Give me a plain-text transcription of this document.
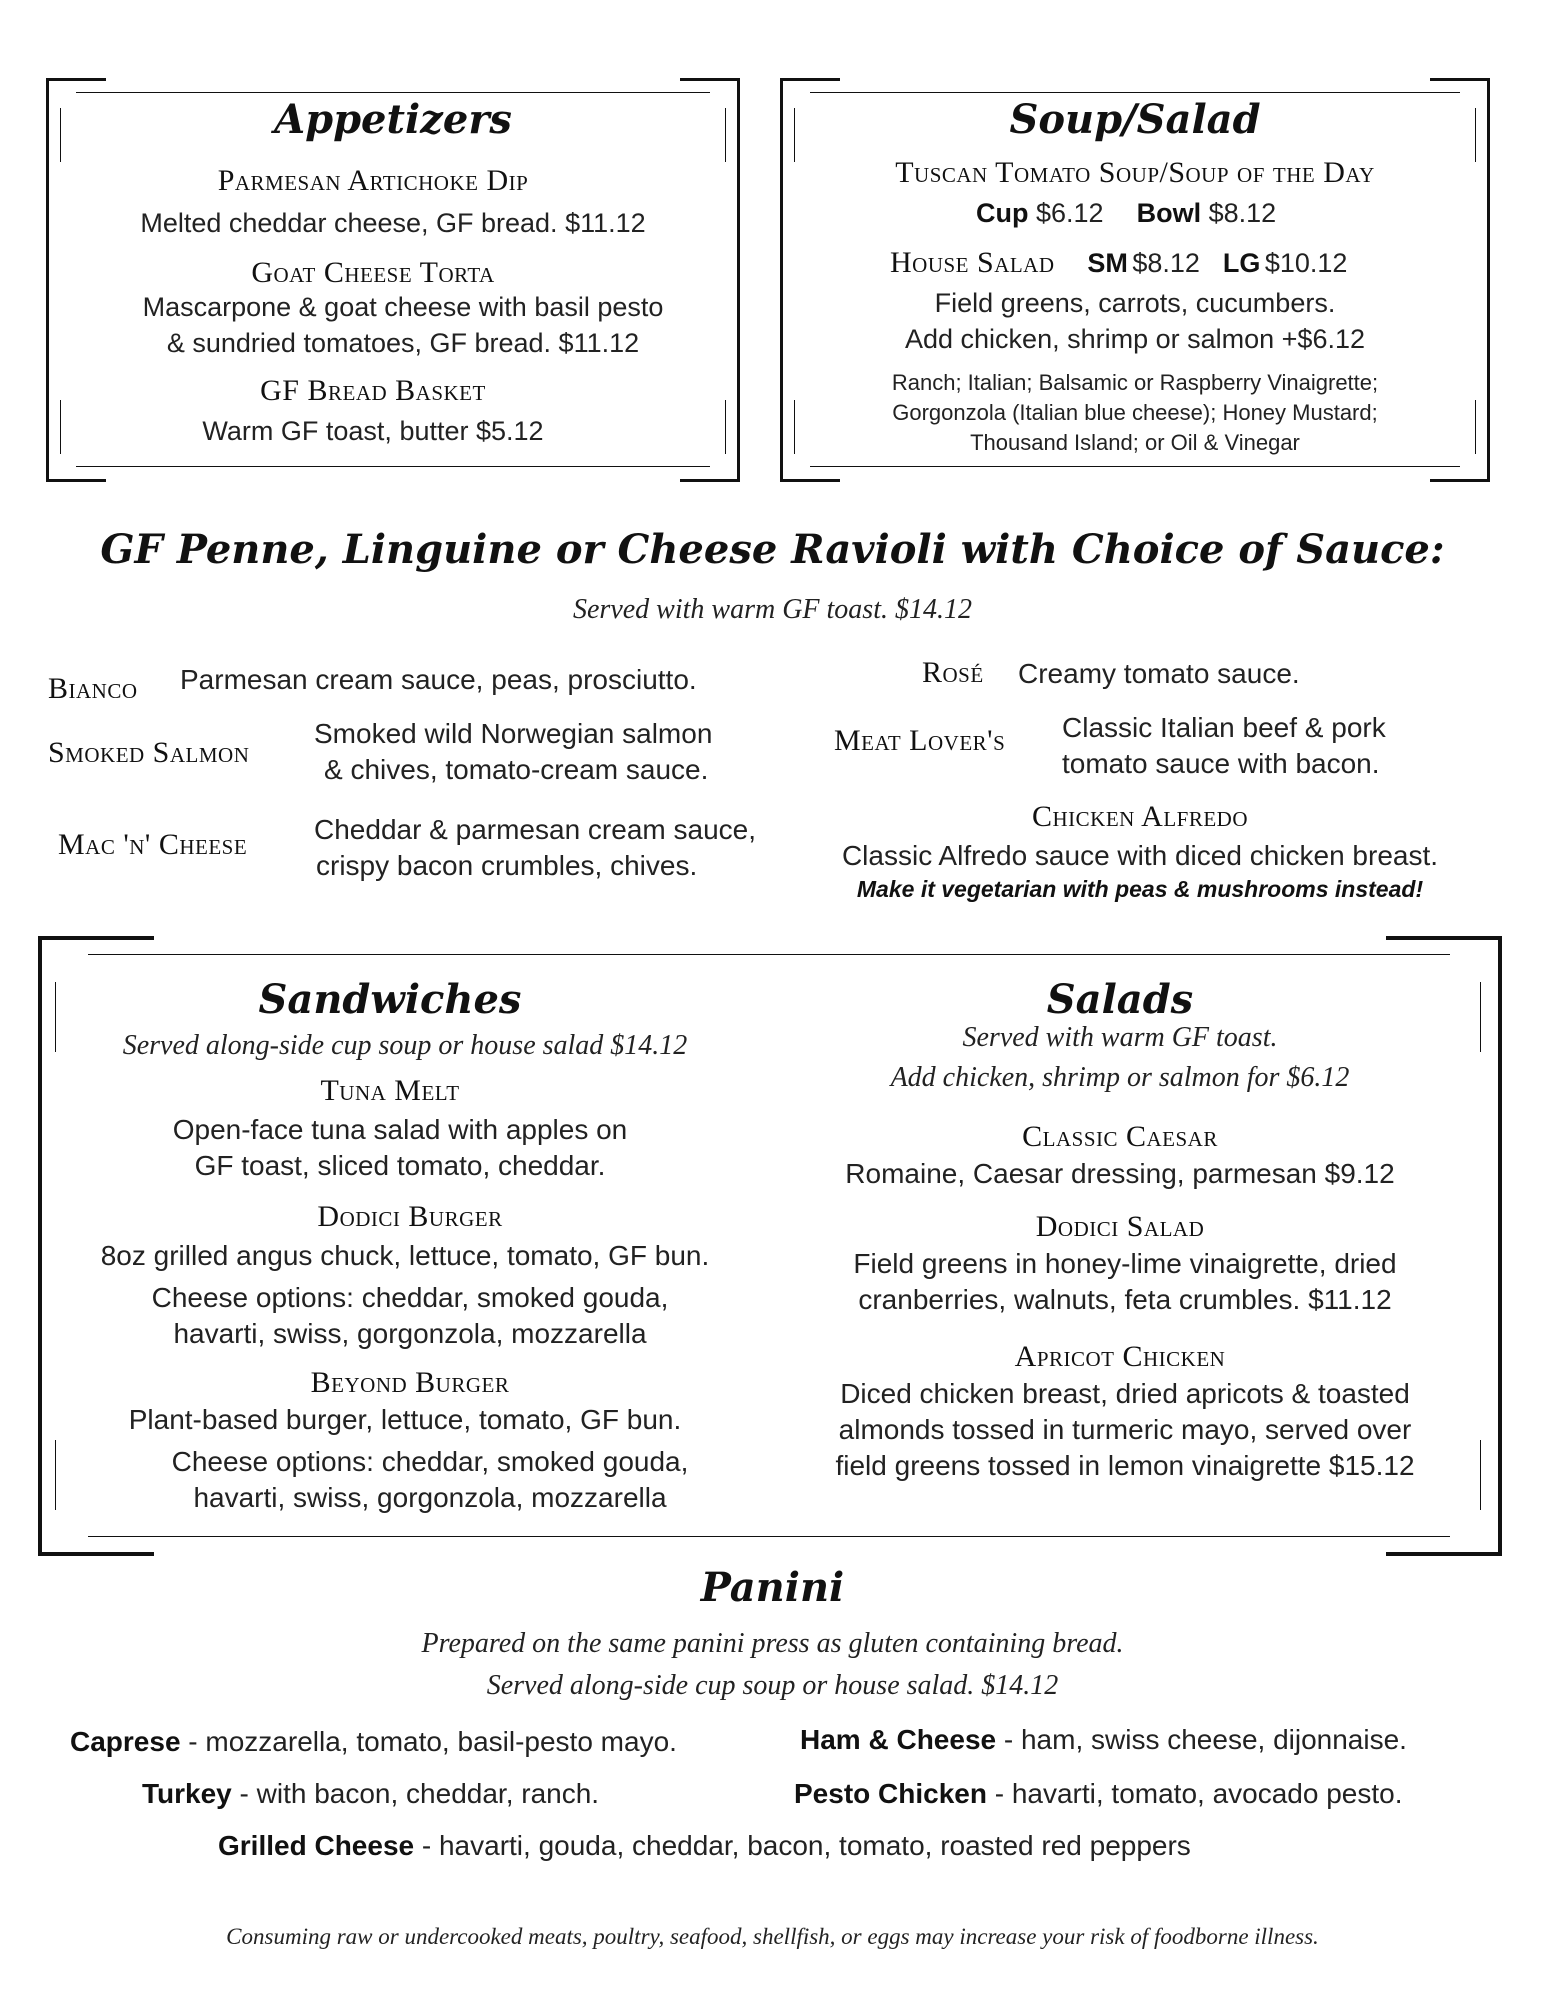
Appetizers
Parmesan Artichoke Dip
Melted cheddar cheese, GF bread. $11.12
Goat Cheese Torta
Mascarpone & goat cheese with basil pesto
& sundried tomatoes, GF bread. $11.12
GF Bread Basket
Warm GF toast, butter $5.12
Soup/Salad
Tuscan Tomato Soup/Soup of the Day
Cup $6.12 Bowl $8.12
House Salad SM $8.12 LG $10.12
Field greens, carrots, cucumbers.
Add chicken, shrimp or salmon +$6.12
Ranch; Italian; Balsamic or Raspberry Vinaigrette;
Gorgonzola (Italian blue cheese); Honey Mustard;
Thousand Island; or Oil & Vinegar
GF Penne, Linguine or Cheese Ravioli with Choice of Sauce:
Served with warm GF toast. $14.12
Bianco Parmesan cream sauce, peas, prosciutto.
Smoked Salmon
Smoked wild Norwegian salmon
& chives, tomato-cream sauce.
Mac 'n' Cheese Cheddar & parmesan cream sauce,
crispy bacon crumbles, chives.
Rosé Creamy tomato sauce.
Meat Lover's Classic Italian beef & pork
tomato sauce with bacon.
Chicken Alfredo
Classic Alfredo sauce with diced chicken breast.
Make it vegetarian with peas & mushrooms instead!
Sandwiches
Served along-side cup soup or house salad $14.12
Tuna Melt
Open-face tuna salad with apples on
GF toast, sliced tomato, cheddar.
Dodici Burger
8oz grilled angus chuck, lettuce, tomato, GF bun.
Cheese options: cheddar, smoked gouda,
havarti, swiss, gorgonzola, mozzarella
Beyond Burger
Plant-based burger, lettuce, tomato, GF bun.
Cheese options: cheddar, smoked gouda,
havarti, swiss, gorgonzola, mozzarella
Salads
Served with warm GF toast.
Add chicken, shrimp or salmon for $6.12
Classic Caesar
Romaine, Caesar dressing, parmesan $9.12
Dodici Salad
Field greens in honey-lime vinaigrette, dried
cranberries, walnuts, feta crumbles. $11.12
Apricot Chicken
Diced chicken breast, dried apricots & toasted
almonds tossed in turmeric mayo, served over
field greens tossed in lemon vinaigrette $15.12
Panini
Prepared on the same panini press as gluten containing bread.
Served along-side cup soup or house salad. $14.12
Caprese - mozzarella, tomato, basil-pesto mayo.	Ham & Cheese - ham, swiss cheese, dijonnaise.
Turkey - with bacon, cheddar, ranch.	Pesto Chicken - havarti, tomato, avocado pesto.
Grilled Cheese - havarti, gouda, cheddar, bacon, tomato, roasted red peppers
Consuming raw or undercooked meats, poultry, seafood, shellfish, or eggs may increase your risk of foodborne illness.
